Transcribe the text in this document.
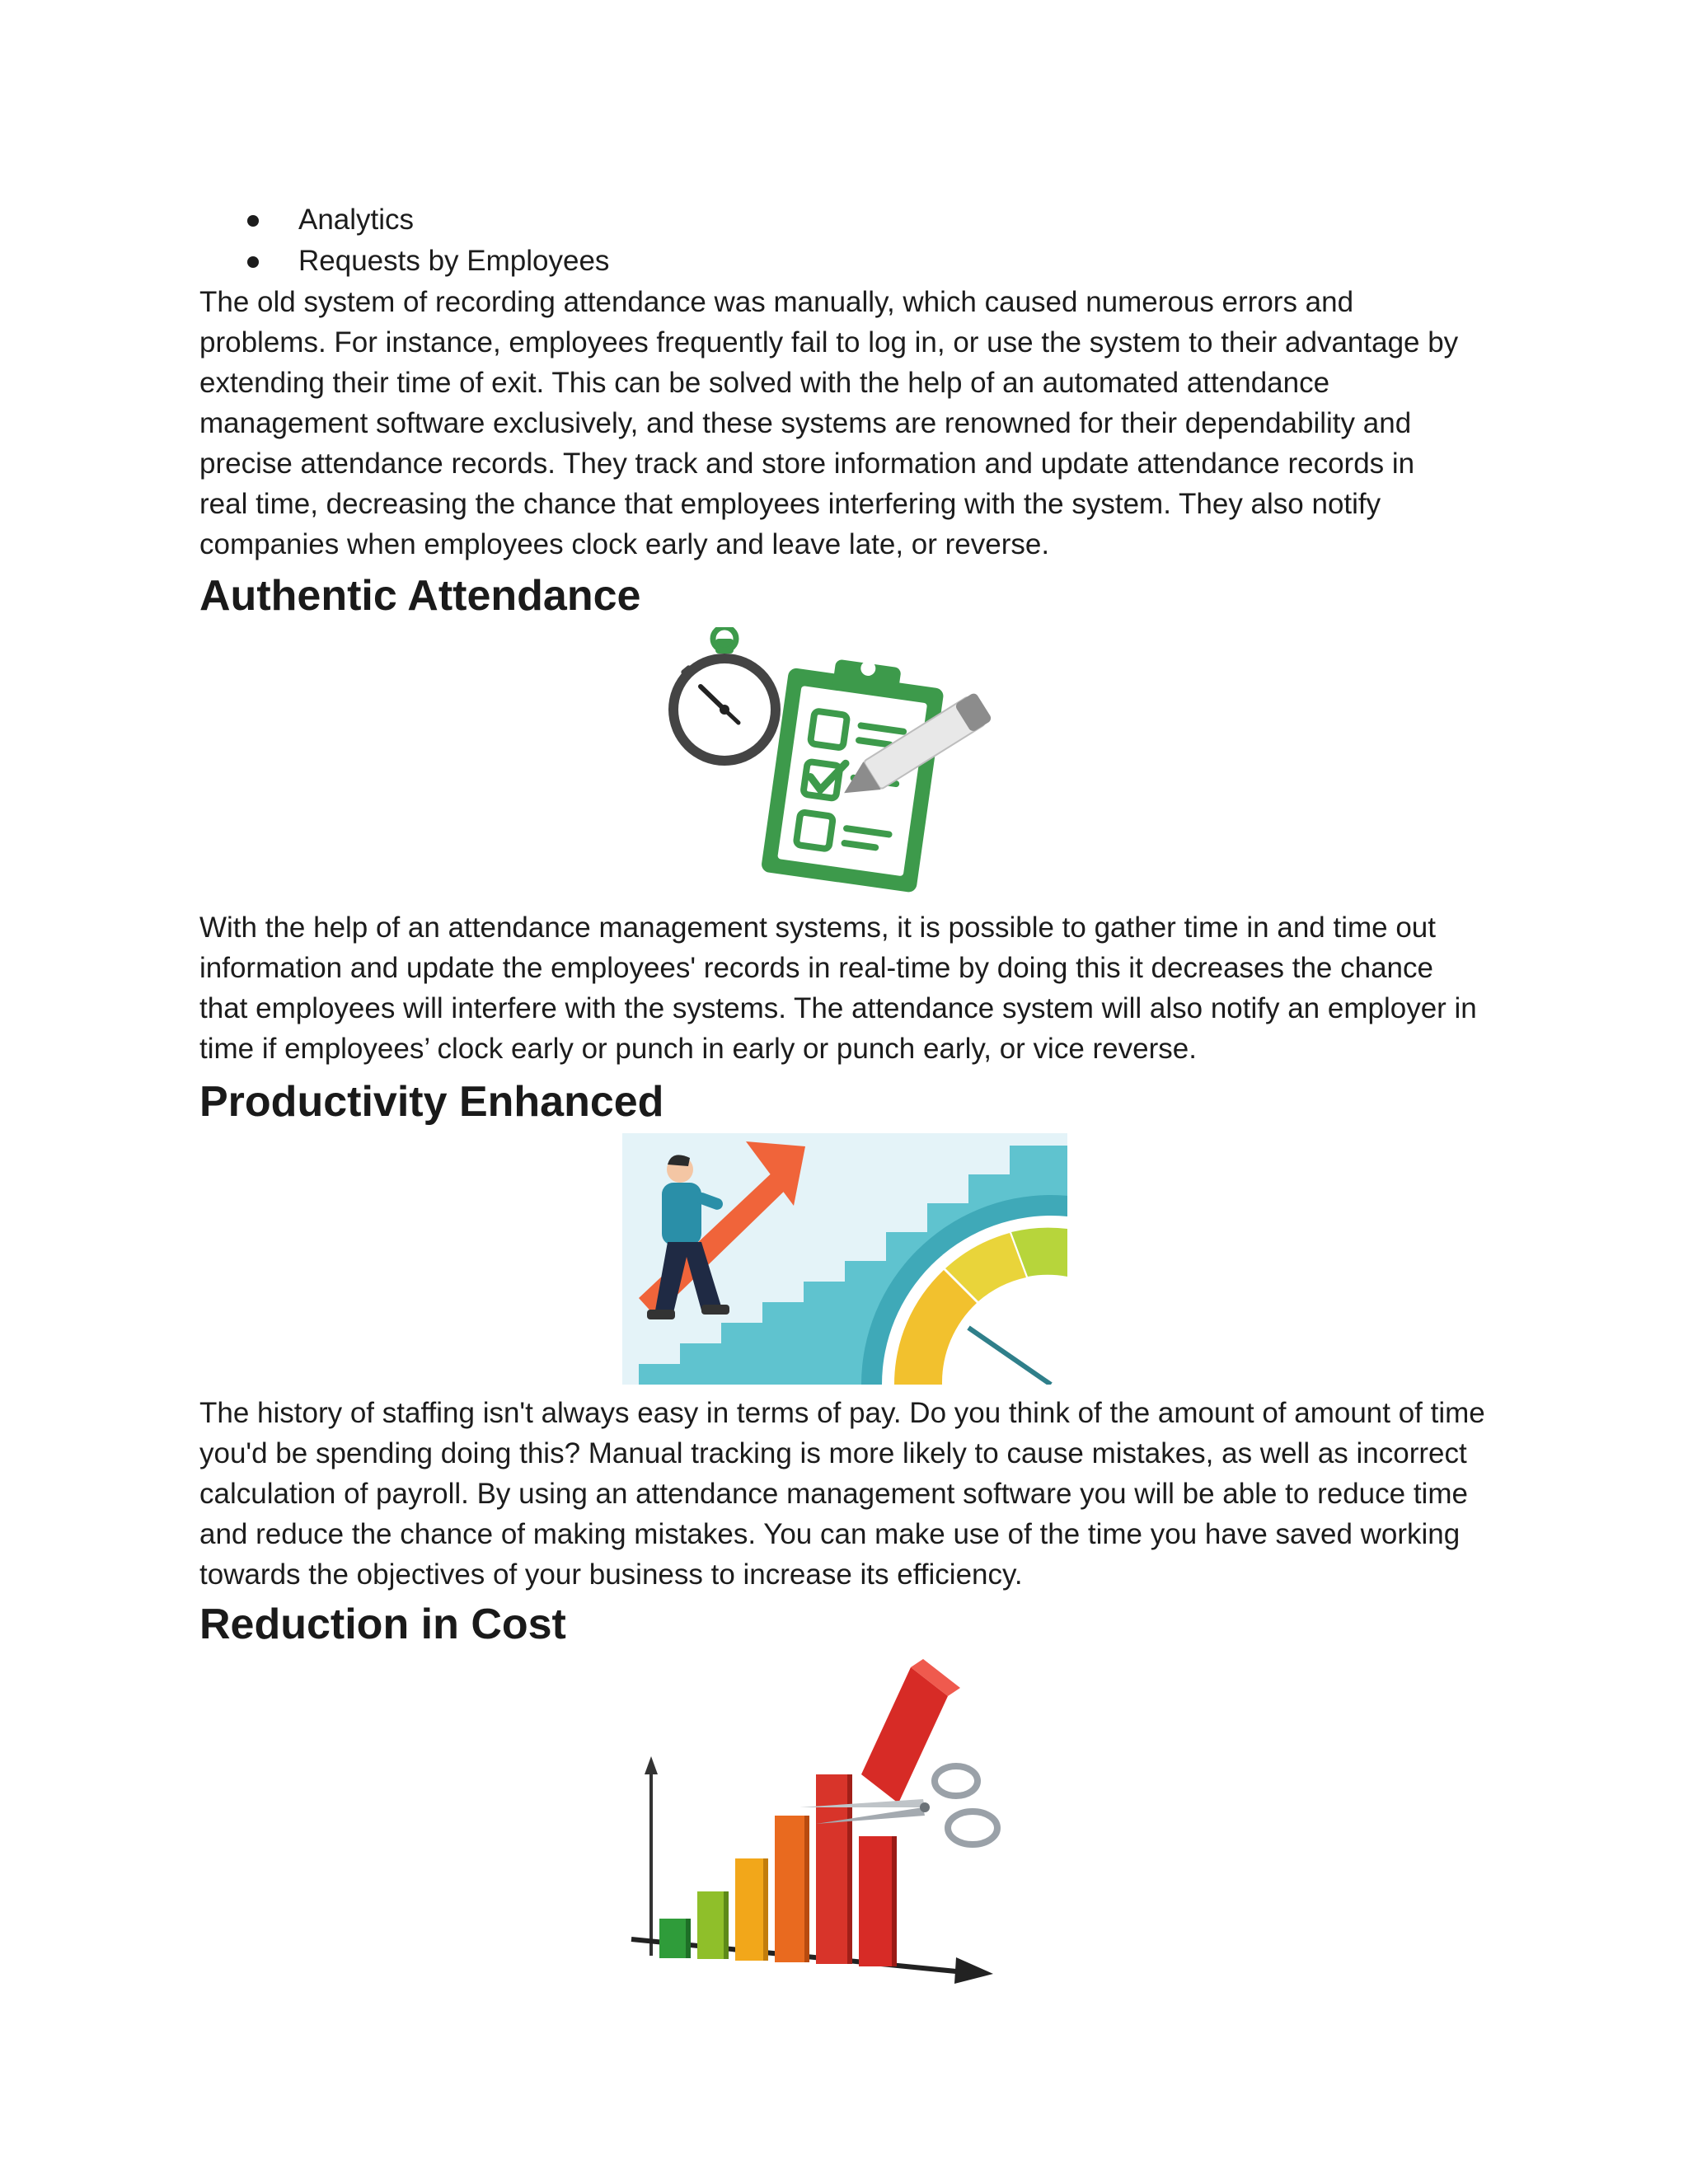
Analytics
Requests by Employees

The old system of recording attendance was manually, which caused numerous errors and problems. For instance, employees frequently fail to log in, or use the system to their advantage by extending their time of exit. This can be solved with the help of an automated attendance management software exclusively, and these systems are renowned for their dependability and precise attendance records. They track and store information and update attendance records in real time, decreasing the chance that employees interfering with the system. They also notify companies when employees clock early and leave late, or reverse.

Authentic Attendance

With the help of an attendance management systems, it is possible to gather time in and time out information and update the employees' records in real-time by doing this it decreases the chance that employees will interfere with the systems. The attendance system will also notify an employer in time if employees’ clock early or punch in early or punch early, or vice reverse.

Productivity Enhanced

The history of staffing isn't always easy in terms of pay. Do you think of the amount of amount of time you'd be spending doing this? Manual tracking is more likely to cause mistakes, as well as incorrect calculation of payroll. By using an attendance management software you will be able to reduce time and reduce the chance of making mistakes. You can make use of the time you have saved working towards the objectives of your business to increase its efficiency.

Reduction in Cost
